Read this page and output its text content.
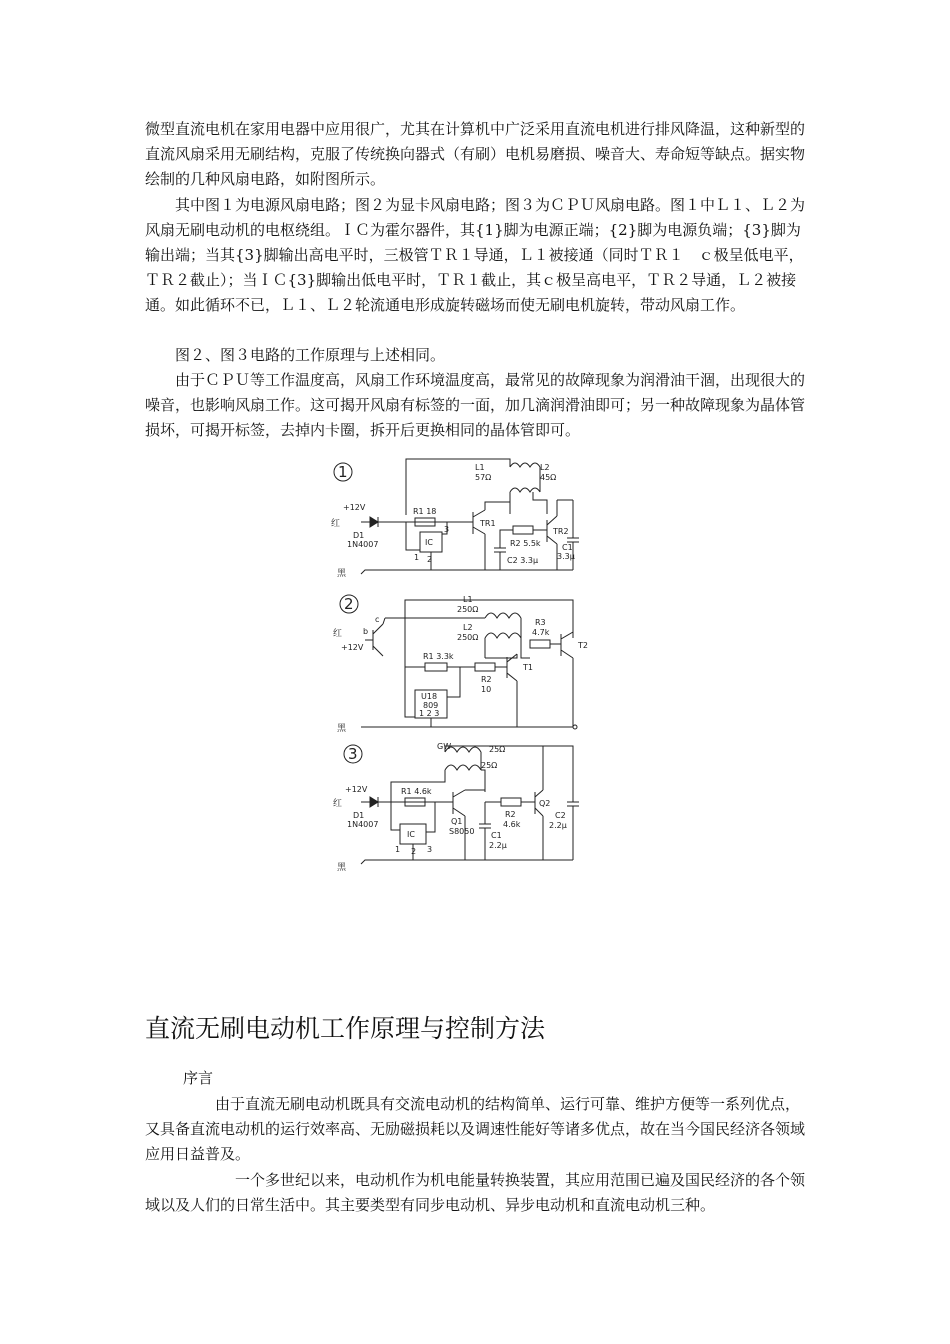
微型直流电机在家用电器中应用很广，尤其在计算机中广泛采用直流电机进行排风降温，这种新型的直流风扇采用无刷结构，克服了传统换向器式（有刷）电机易磨损、噪音大、寿命短等缺点。据实物绘制的几种风扇电路，如附图所示。

其中图１为电源风扇电路；图２为显卡风扇电路；图３为ＣＰＵ风扇电路。图１中Ｌ１、Ｌ２为风扇无刷电动机的电枢绕组。ＩＣ为霍尔器件，其{1}脚为电源正端；{2}脚为电源负端；{3}脚为输出端；当其{3}脚输出高电平时，三极管ＴＲ１导通，Ｌ１被接通（同时ＴＲ１　ｃ极呈低电平，ＴＲ２截止）；当ＩＣ{3}脚输出低电平时，ＴＲ１截止，其ｃ极呈高电平，ＴＲ２导通，Ｌ２被接通。如此循环不已，Ｌ１、Ｌ２轮流通电形成旋转磁场而使无刷电机旋转，带动风扇工作。

图２、图３电路的工作原理与上述相同。

由于ＣＰＵ等工作温度高，风扇工作环境温度高，最常见的故障现象为润滑油干涸，出现很大的噪音，也影响风扇工作。这可揭开风扇有标签的一面，加几滴润滑油即可；另一种故障现象为晶体管损坏，可揭开标签，去掉内卡圈，拆开后更换相同的晶体管即可。

1	L1
57Ω
L2
45Ω
+12V
红
D1
1N4007
R1 18
IC
TR1
R2 5.5k
C2 3.3μ
TR2
C1
3.3μ
1 2
3
黑
2	L1
250Ω
L2
250Ω
红
+12V
b
c	R3
4.7k
T2
R1 3.3k
R2
10
T1
U18
809
1 2 3
黑
3	GW	25Ω
25Ω
+12V
红
D1
1N4007
R1 4.6k
IC
Q1
S8050 C1
2.2μ
R2
4.6k
Q2
C2
2.2μ
1 2 3
黑
直流无刷电动机工作原理与控制方法

序言

由于直流无刷电动机既具有交流电动机的结构简单、运行可靠、维护方便等一系列优点，又具备直流电动机的运行效率高、无励磁损耗以及调速性能好等诸多优点，故在当今国民经济各领域应用日益普及。

一个多世纪以来，电动机作为机电能量转换装置，其应用范围已遍及国民经济的各个领域以及人们的日常生活中。其主要类型有同步电动机、异步电动机和直流电动机三种。
